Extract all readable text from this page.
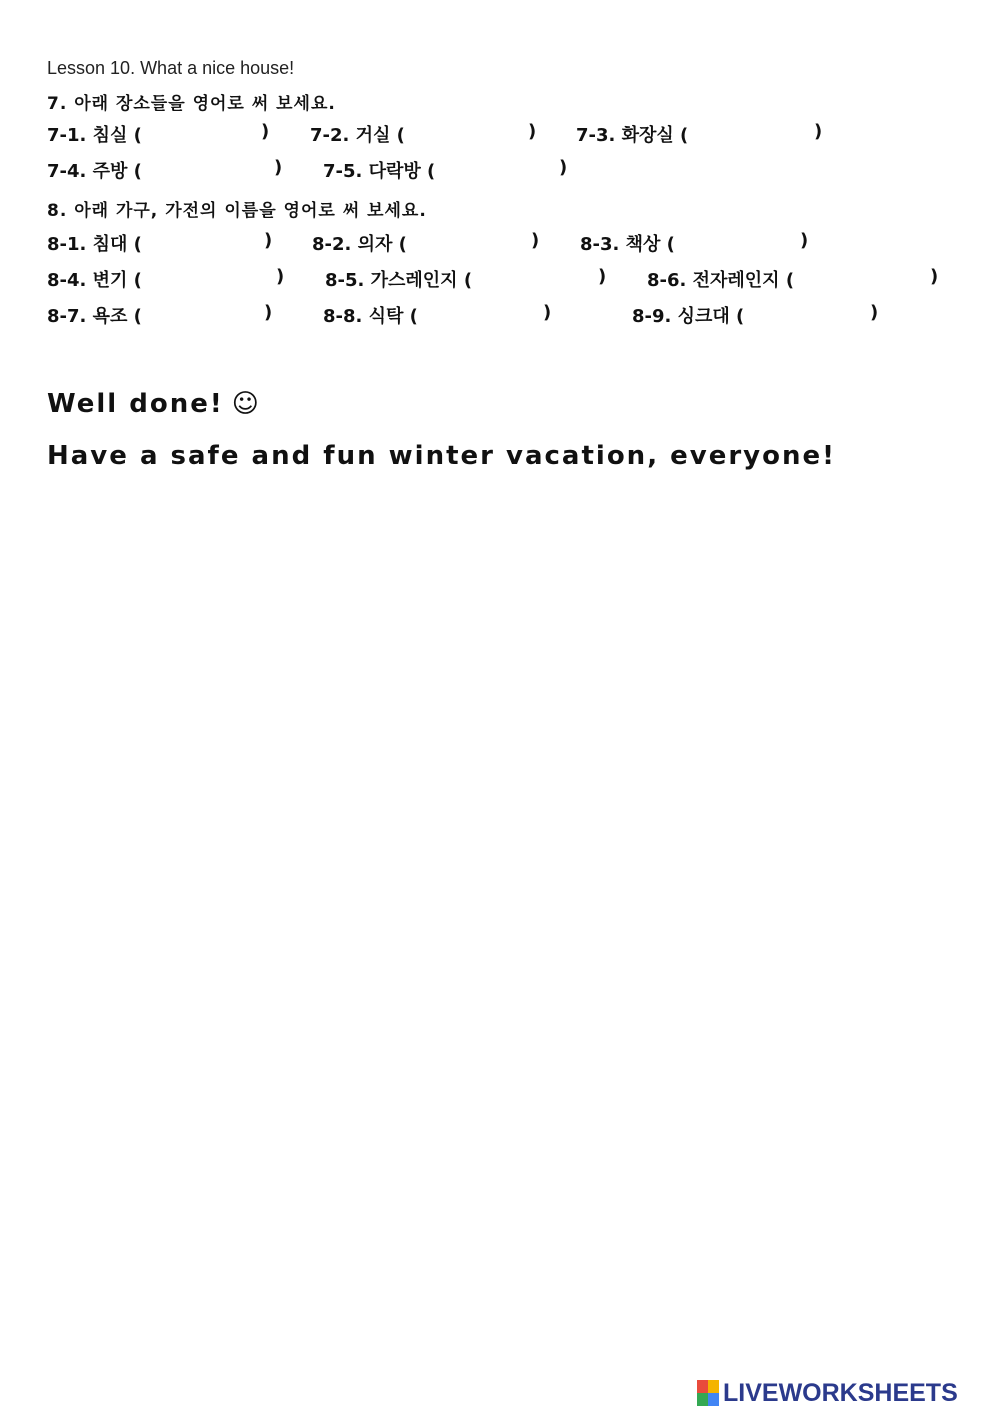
Lesson 10. What a nice house!
7. 아래 장소들을 영어로 써 보세요.
7-1. 침실 (	) 7-2. 거실 (	) 7-3. 화장실 (	)
7-4. 주방 (	) 7-5. 다락방 (	)
8. 아래 가구, 가전의 이름을 영어로 써 보세요.
8-1. 침대 (	) 8-2. 의자 (	) 8-3. 책상 (	)
8-4. 변기 (	) 8-5. 가스레인지 (	) 8-6. 전자레인지 (	)
8-7. 욕조 (	)	8-8. 식탁 (	)	8-9. 싱크대 (	)
Well done! ☺
Have a safe and fun winter vacation, everyone!
LIVEWORKSHEETS
